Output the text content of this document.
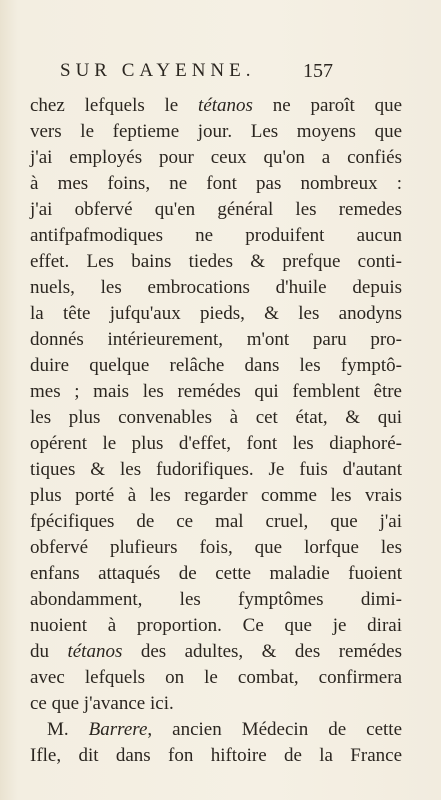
SUR CAYENNE. 157
chez lefquels le tétanos ne paroît que
vers le feptieme jour. Les moyens que
j'ai employés pour ceux qu'on a confiés
à mes foins, ne font pas nombreux :
j'ai obfervé qu'en général les remedes
antifpafmodiques ne produifent aucun
effet. Les bains tiedes & prefque conti-
nuels, les embrocations d'huile depuis
la tête jufqu'aux pieds, & les anodyns
donnés intérieurement, m'ont paru pro-
duire quelque relâche dans les fymptô-
mes ; mais les remédes qui femblent être
les plus convenables à cet état, & qui
opérent le plus d'effet, font les diaphoré-
tiques & les fudorifiques. Je fuis d'autant
plus porté à les regarder comme les vrais
fpécifiques de ce mal cruel, que j'ai
obfervé plufieurs fois, que lorfque les
enfans attaqués de cette maladie fuoient
abondamment, les fymptômes dimi-
nuoient à proportion. Ce que je dirai
du tétanos des adultes, & des remédes
avec lefquels on le combat, confirmera
ce que j'avance ici.
M. Barrere, ancien Médecin de cette
Ifle, dit dans fon hiftoire de la France
